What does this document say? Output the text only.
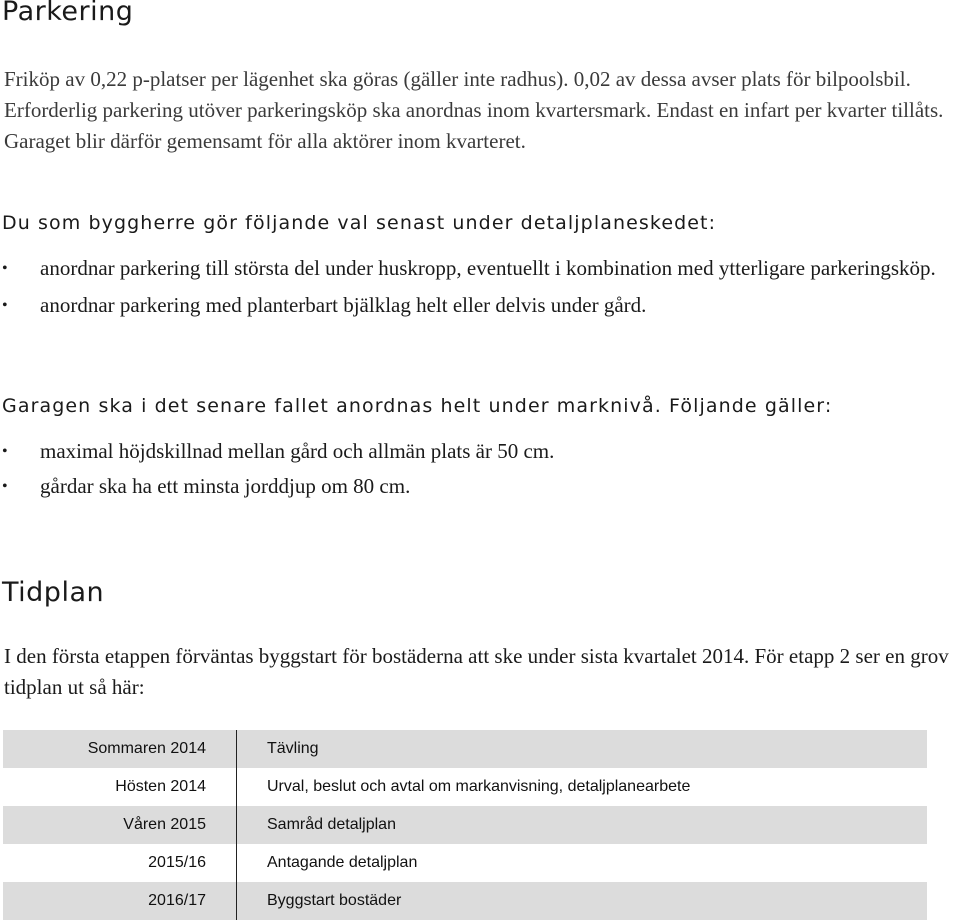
Parkering

Friköp av 0,22 p-platser per lägenhet ska göras (gäller inte radhus). 0,02 av dessa avser plats för bilpoolsbil. Erforderlig parkering utöver parkeringsköp ska anordnas inom kvartersmark. Endast en infart per kvarter tillåts. Garaget blir därför gemensamt för alla aktörer inom kvarteret.

Du som byggherre gör följande val senast under detaljplaneskedet:

• anordnar parkering till största del under huskropp, eventuellt i kombination med ytterligare parkeringsköp.
• anordnar parkering med planterbart bjälklag helt eller delvis under gård.

Garagen ska i det senare fallet anordnas helt under marknivå. Följande gäller:

• maximal höjdskillnad mellan gård och allmän plats är 50 cm.
• gårdar ska ha ett minsta jorddjup om 80 cm.
Tidplan

I den första etappen förväntas byggstart för bostäderna att ske under sista kvartalet 2014. För etapp 2 ser en grov tidplan ut så här:

Sommaren 2014	Tävling
Hösten 2014	Urval, beslut och avtal om markanvisning, detaljplanearbete
Våren 2015	Samråd detaljplan
2015/16	Antagande detaljplan
2016/17	Byggstart bostäder
